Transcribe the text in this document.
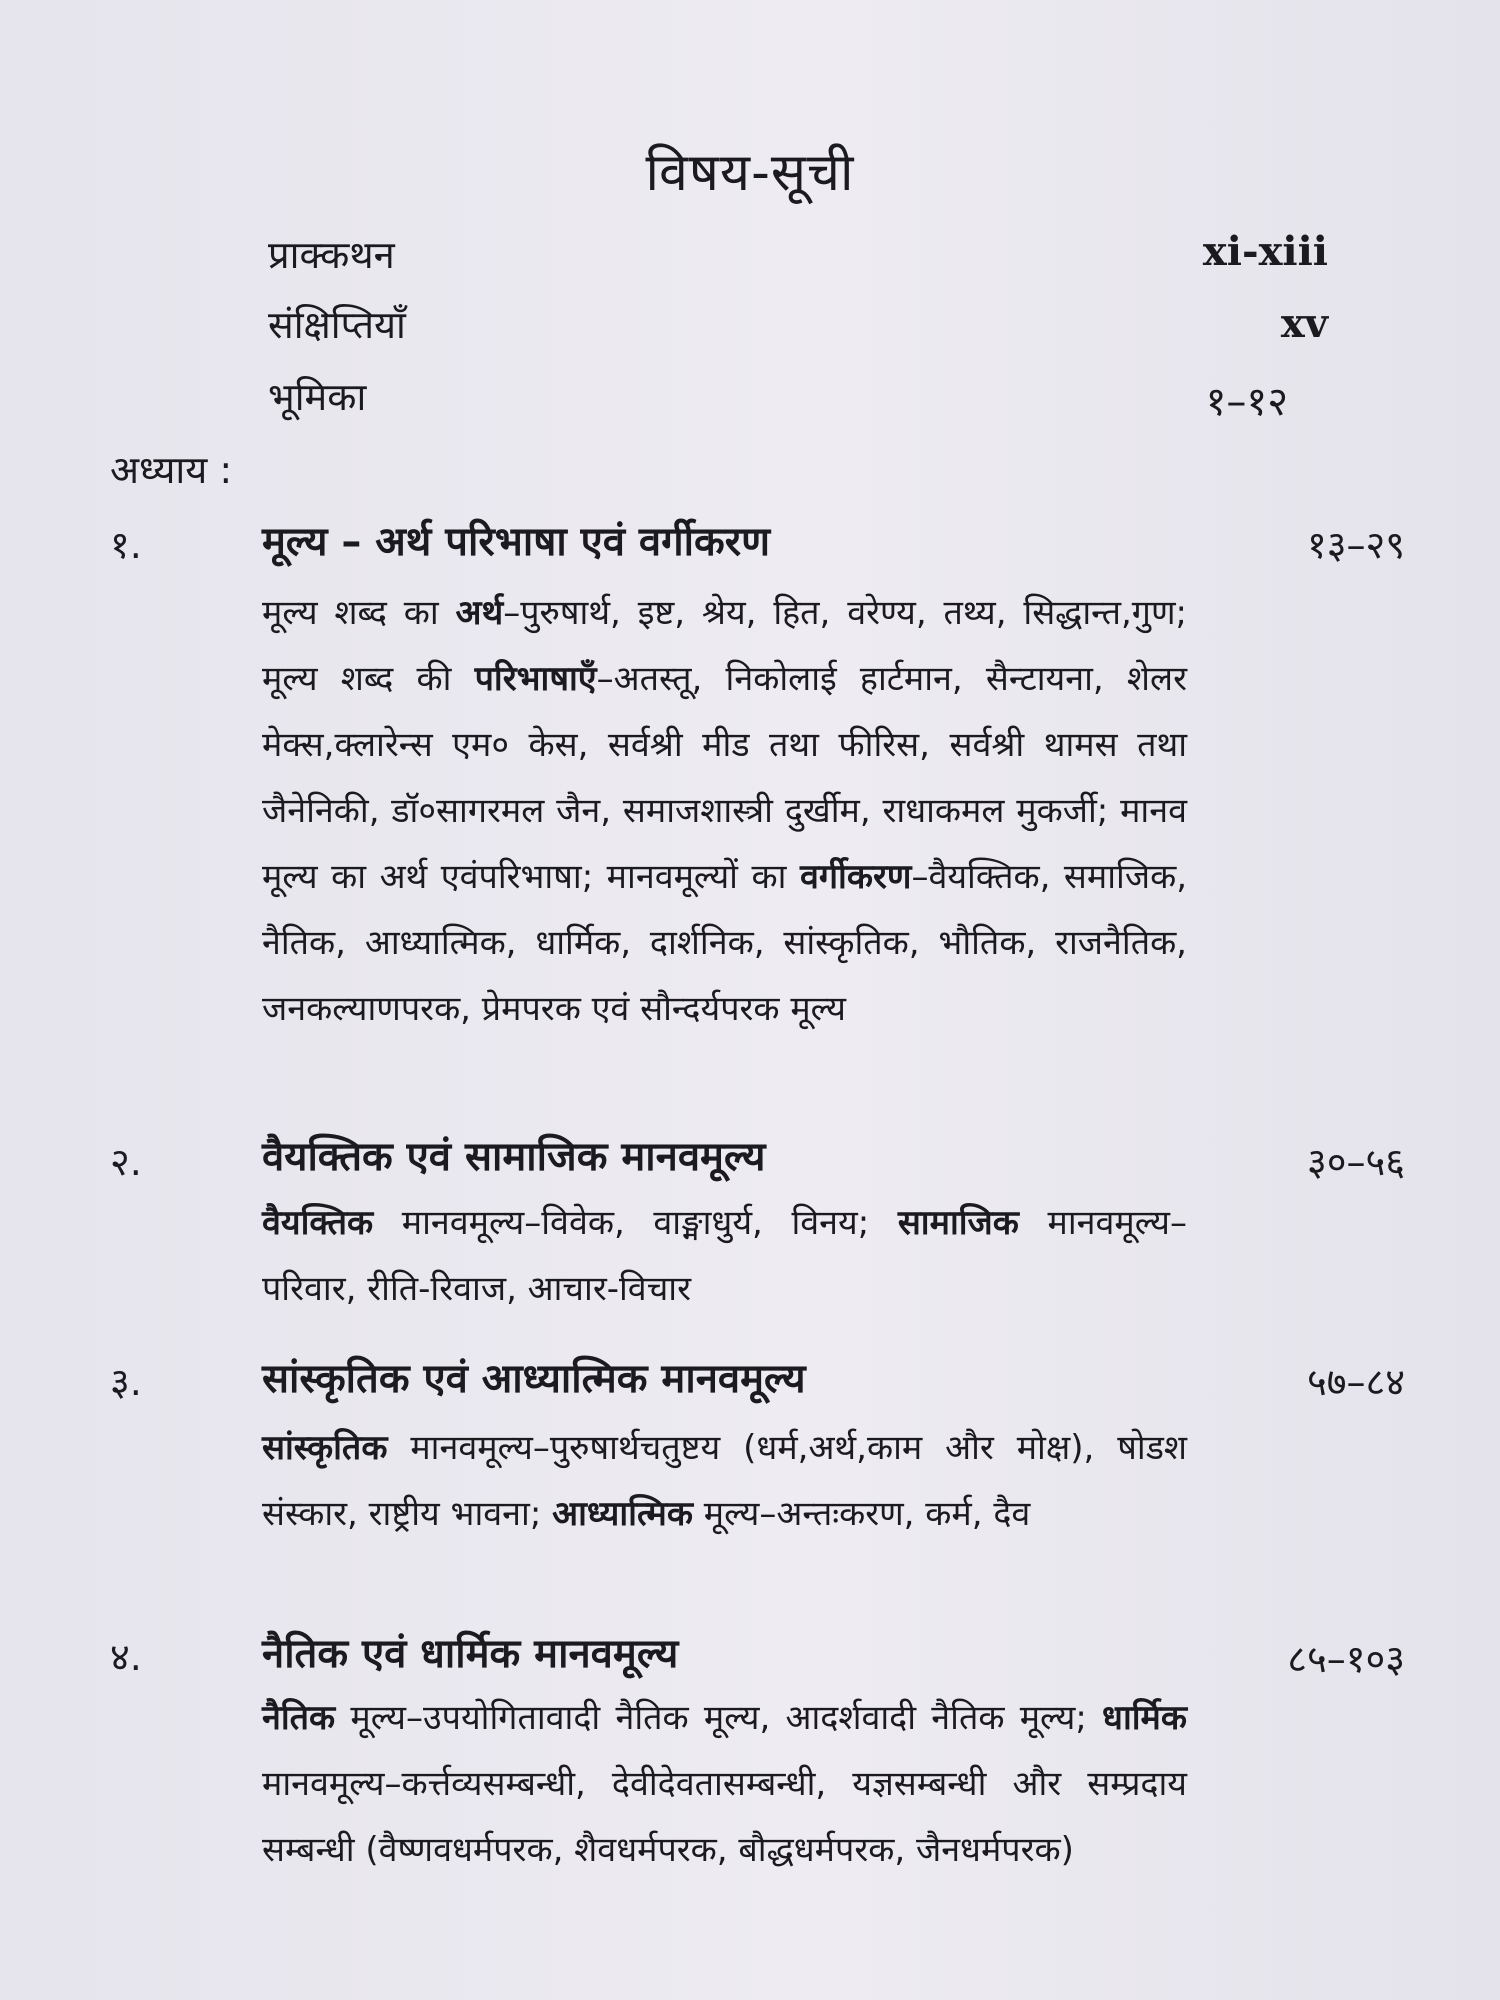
विषय-सूची
प्राक्कथन	xi-xiii
संक्षिप्तियाँ	xv
भूमिका	१–१२
अध्याय :
१.	मूल्य – अर्थ परिभाषा एवं वर्गीकरण	१३–२९
मूल्य शब्द का अर्थ–पुरुषार्थ, इष्ट, श्रेय, हित, वरेण्य, तथ्य, सिद्धान्त,गुण; मूल्य शब्द की परिभाषाएँ–अतस्तू, निकोलाई हार्टमान, सैन्टायना, शेलर मेक्स,क्लारेन्स एम० केस, सर्वश्री मीड तथा फीरिस, सर्वश्री थामस तथा जैनेनिकी, डॉ०सागरमल जैन, समाजशास्त्री दुर्खीम, राधाकमल मुकर्जी; मानव मूल्य का अर्थ एवंपरिभाषा; मानवमूल्यों का वर्गीकरण–वैयक्तिक, समाजिक, नैतिक, आध्यात्मिक, धार्मिक, दार्शनिक, सांस्कृतिक, भौतिक, राजनैतिक, जनकल्याणपरक, प्रेमपरक एवं सौन्दर्यपरक मूल्य
२.	वैयक्तिक एवं सामाजिक मानवमूल्य	३०–५६
वैयक्तिक मानवमूल्य–विवेक, वाङ्माधुर्य, विनय; सामाजिक मानवमूल्य–परिवार, रीति-रिवाज, आचार-विचार
३.	सांस्कृतिक एवं आध्यात्मिक मानवमूल्य	५७–८४
सांस्कृतिक मानवमूल्य–पुरुषार्थचतुष्टय (धर्म,अर्थ,काम और मोक्ष), षोडश संस्कार, राष्ट्रीय भावना; आध्यात्मिक मूल्य–अन्तःकरण, कर्म, दैव
४.	नैतिक एवं धार्मिक मानवमूल्य	८५–१०३
नैतिक मूल्य–उपयोगितावादी नैतिक मूल्य, आदर्शवादी नैतिक मूल्य; धार्मिक मानवमूल्य–कर्त्तव्यसम्बन्धी, देवीदेवतासम्बन्धी, यज्ञसम्बन्धी और सम्प्रदाय सम्बन्धी (वैष्णवधर्मपरक, शैवधर्मपरक, बौद्धधर्मपरक, जैनधर्मपरक)
